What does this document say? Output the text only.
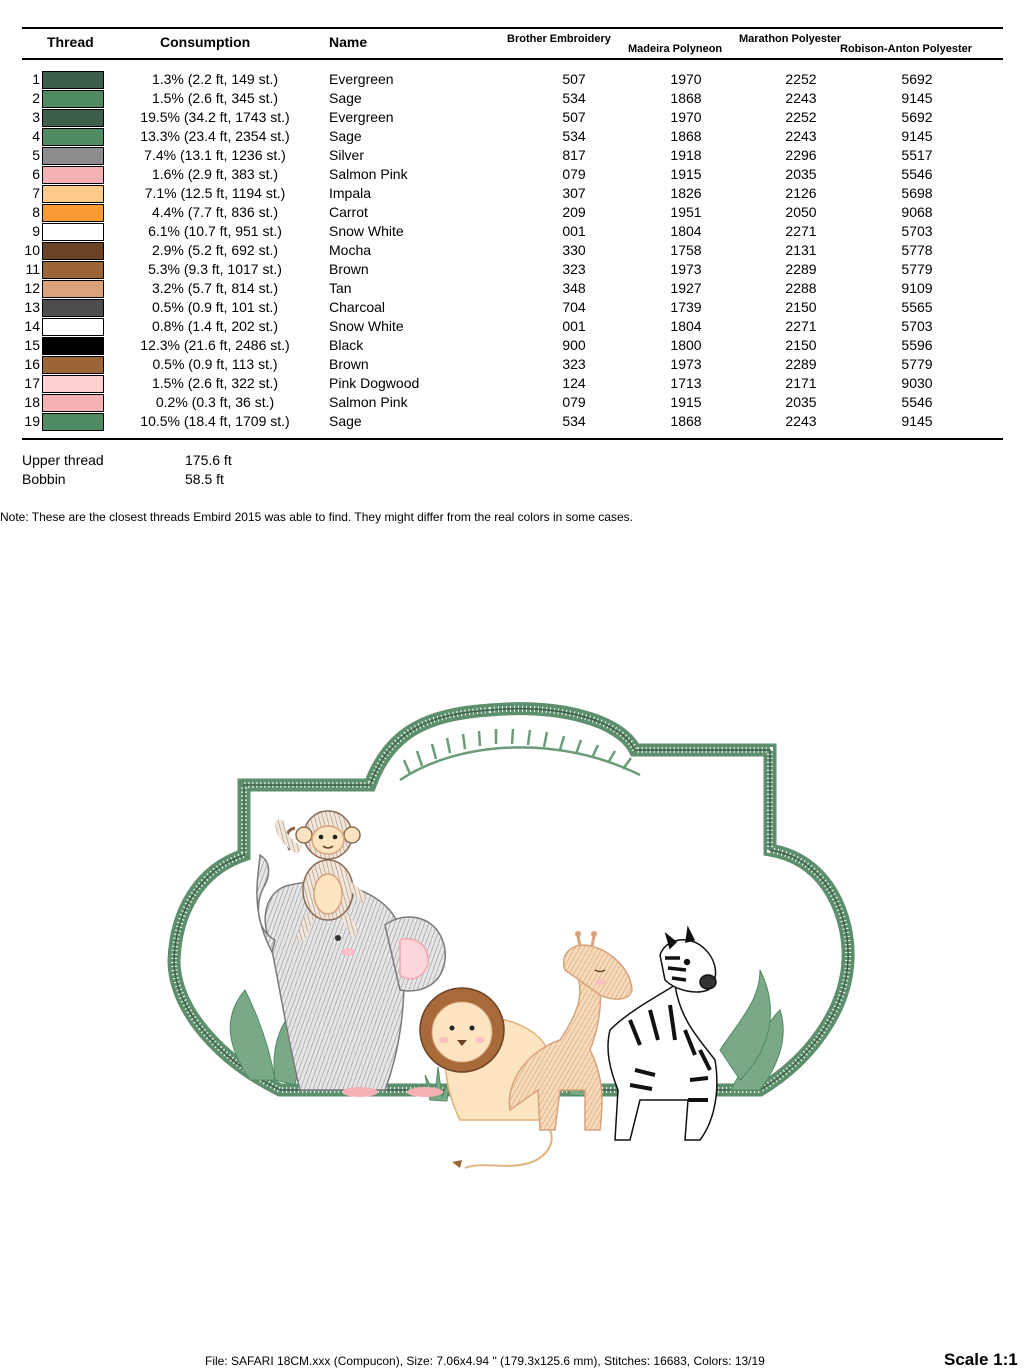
Thread	Consumption	Name	Brother Embroidery
Madeira Polyneon
Marathon Polyester
Robison-Anton Polyester
1	1.3% (2.2 ft, 149 st.)	Evergreen	507	1970	2252	5692
2	1.5% (2.6 ft, 345 st.)	Sage	534	1868	2243	9145
3	19.5% (34.2 ft, 1743 st.)	Evergreen	507	1970	2252	5692
4	13.3% (23.4 ft, 2354 st.)	Sage	534	1868	2243	9145
5	7.4% (13.1 ft, 1236 st.)	Silver	817	1918	2296	5517
6	1.6% (2.9 ft, 383 st.)	Salmon Pink	079	1915	2035	5546
7	7.1% (12.5 ft, 1194 st.)	Impala	307	1826	2126	5698
8	4.4% (7.7 ft, 836 st.)	Carrot	209	1951	2050	9068
9	6.1% (10.7 ft, 951 st.)	Snow White	001	1804	2271	5703
10	2.9% (5.2 ft, 692 st.)	Mocha	330	1758	2131	5778
11	5.3% (9.3 ft, 1017 st.)	Brown	323	1973	2289	5779
12	3.2% (5.7 ft, 814 st.)	Tan	348	1927	2288	9109
13	0.5% (0.9 ft, 101 st.)	Charcoal	704	1739	2150	5565
14	0.8% (1.4 ft, 202 st.)	Snow White	001	1804	2271	5703
15	12.3% (21.6 ft, 2486 st.)	Black	900	1800	2150	5596
16	0.5% (0.9 ft, 113 st.)	Brown	323	1973	2289	5779
17	1.5% (2.6 ft, 322 st.)	Pink Dogwood	124	1713	2171	9030
18	0.2% (0.3 ft, 36 st.)	Salmon Pink	079	1915	2035	5546
19	10.5% (18.4 ft, 1709 st.)	Sage	534	1868	2243	9145
Upper thread	175.6 ft
Bobbin	58.5 ft
Note: These are the closest threads Embird 2015 was able to find. They might differ from the real colors in some cases.
File: SAFARI 18CM.xxx (Compucon), Size: 7.06x4.94 " (179.3x125.6 mm), Stitches: 16683, Colors: 13/19	Scale 1:1
